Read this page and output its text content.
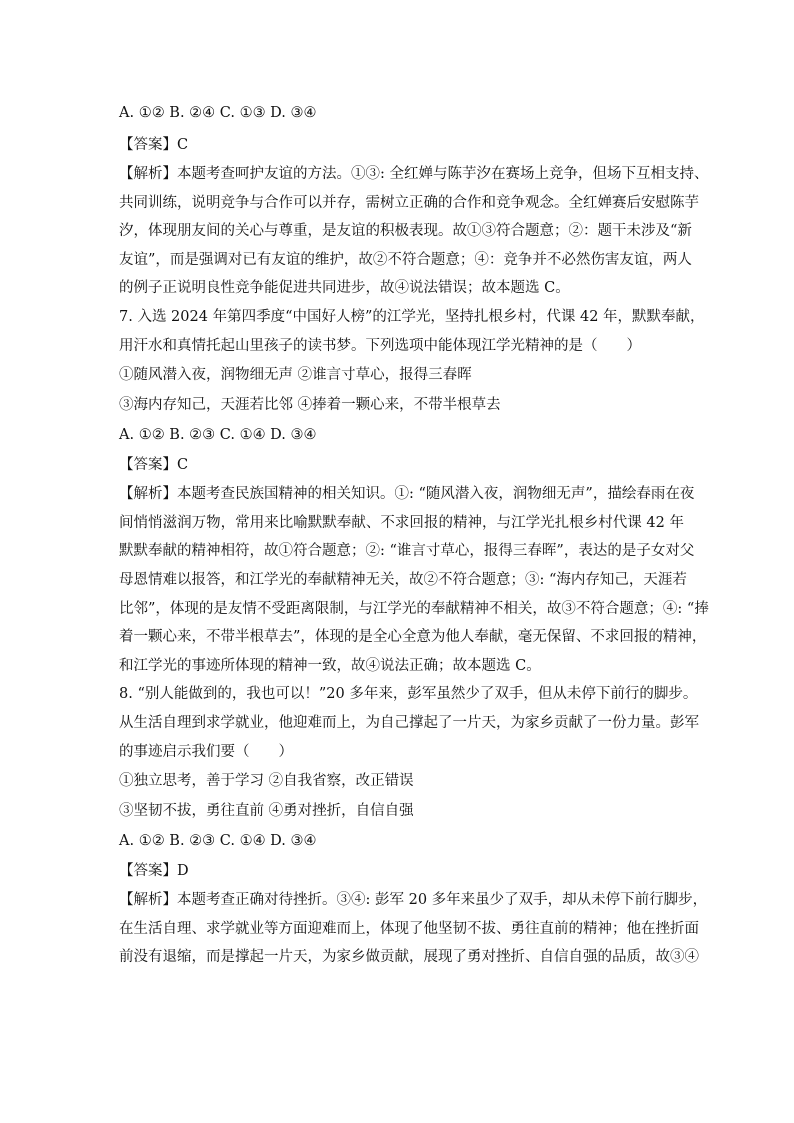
A. ①② B. ②④ C. ①③ D. ③④
【答案】C
【解析】本题考查呵护友谊的方法。①③: 全红婵与陈芋汐在赛场上竞争，但场下互相支持、
共同训练，说明竞争与合作可以并存，需树立正确的合作和竞争观念。全红婵赛后安慰陈芋
汐，体现朋友间的关心与尊重，是友谊的积极表现。故①③符合题意；②：题干未涉及“新
友谊”，而是强调对已有友谊的维护，故②不符合题意；④：竞争并不必然伤害友谊，两人
的例子正说明良性竞争能促进共同进步，故④说法错误；故本题选 C。
7. 入选 2024 年第四季度“中国好人榜”的江学光，坚持扎根乡村，代课 42 年，默默奉献，
用汗水和真情托起山里孩子的读书梦。下列选项中能体现江学光精神的是（　　）
①随风潜入夜，润物细无声 ②谁言寸草心，报得三春晖
③海内存知己，天涯若比邻 ④捧着一颗心来，不带半根草去
A. ①② B. ②③ C. ①④ D. ③④
【答案】C
【解析】本题考查民族国精神的相关知识。①: “随风潜入夜，润物细无声”，描绘春雨在夜
间悄悄滋润万物，常用来比喻默默奉献、不求回报的精神，与江学光扎根乡村代课 42 年
默默奉献的精神相符，故①符合题意；②: “谁言寸草心，报得三春晖”，表达的是子女对父
母恩情难以报答，和江学光的奉献精神无关，故②不符合题意；③: “海内存知己，天涯若
比邻”，体现的是友情不受距离限制，与江学光的奉献精神不相关，故③不符合题意；④: “捧
着一颗心来，不带半根草去”，体现的是全心全意为他人奉献，毫无保留、不求回报的精神，
和江学光的事迹所体现的精神一致，故④说法正确；故本题选 C。
8. “别人能做到的，我也可以！”20 多年来，彭军虽然少了双手，但从未停下前行的脚步。
从生活自理到求学就业，他迎难而上，为自己撑起了一片天，为家乡贡献了一份力量。彭军
的事迹启示我们要（　　）
①独立思考，善于学习 ②自我省察，改正错误
③坚韧不拔，勇往直前 ④勇对挫折，自信自强
A. ①② B. ②③ C. ①④ D. ③④
【答案】D
【解析】本题考查正确对待挫折。③④: 彭军 20 多年来虽少了双手，却从未停下前行脚步，
在生活自理、求学就业等方面迎难而上，体现了他坚韧不拔、勇往直前的精神；他在挫折面
前没有退缩，而是撑起一片天，为家乡做贡献，展现了勇对挫折、自信自强的品质，故③④
